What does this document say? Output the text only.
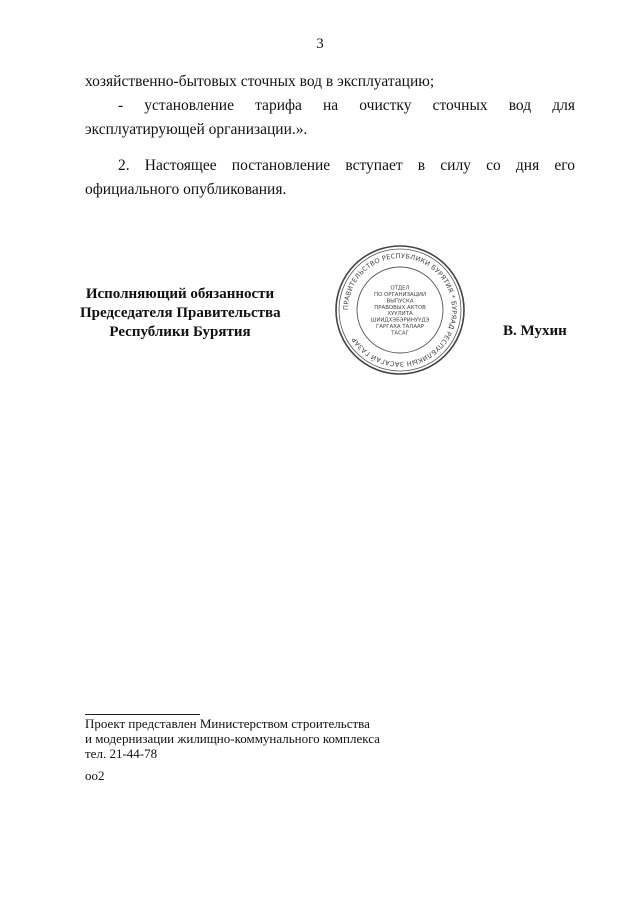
3
хозяйственно-бытовых сточных вод в эксплуатацию;
- установление тарифа на очистку сточных вод для эксплуатирующей организации.».
2. Настоящее постановление вступает в силу со дня его официального опубликования.
Исполняющий обязанности
Председателя Правительства
Республики Бурятия
ПРАВИТЕЛЬСТВО РЕСПУБЛИКИ БУРЯТИЯ * БУРЯАД РЕСПУБЛИКЫН ЗАСАГАЙ ГАЗАР
ОТДЕЛ
ПО ОРГАНИЗАЦИИ
ВЫПУСКА
ПРАВОВЫХ АКТОВ
ХУУЛИТА
ШИИДХЭБЭРИНУУДЭ
ГАРГАХА ТАЛААР
ТАСАГ	В. Мухин
Проект представлен Министерством строительства
и модернизации жилищно-коммунального комплекса
тел. 21-44-78
оо2
